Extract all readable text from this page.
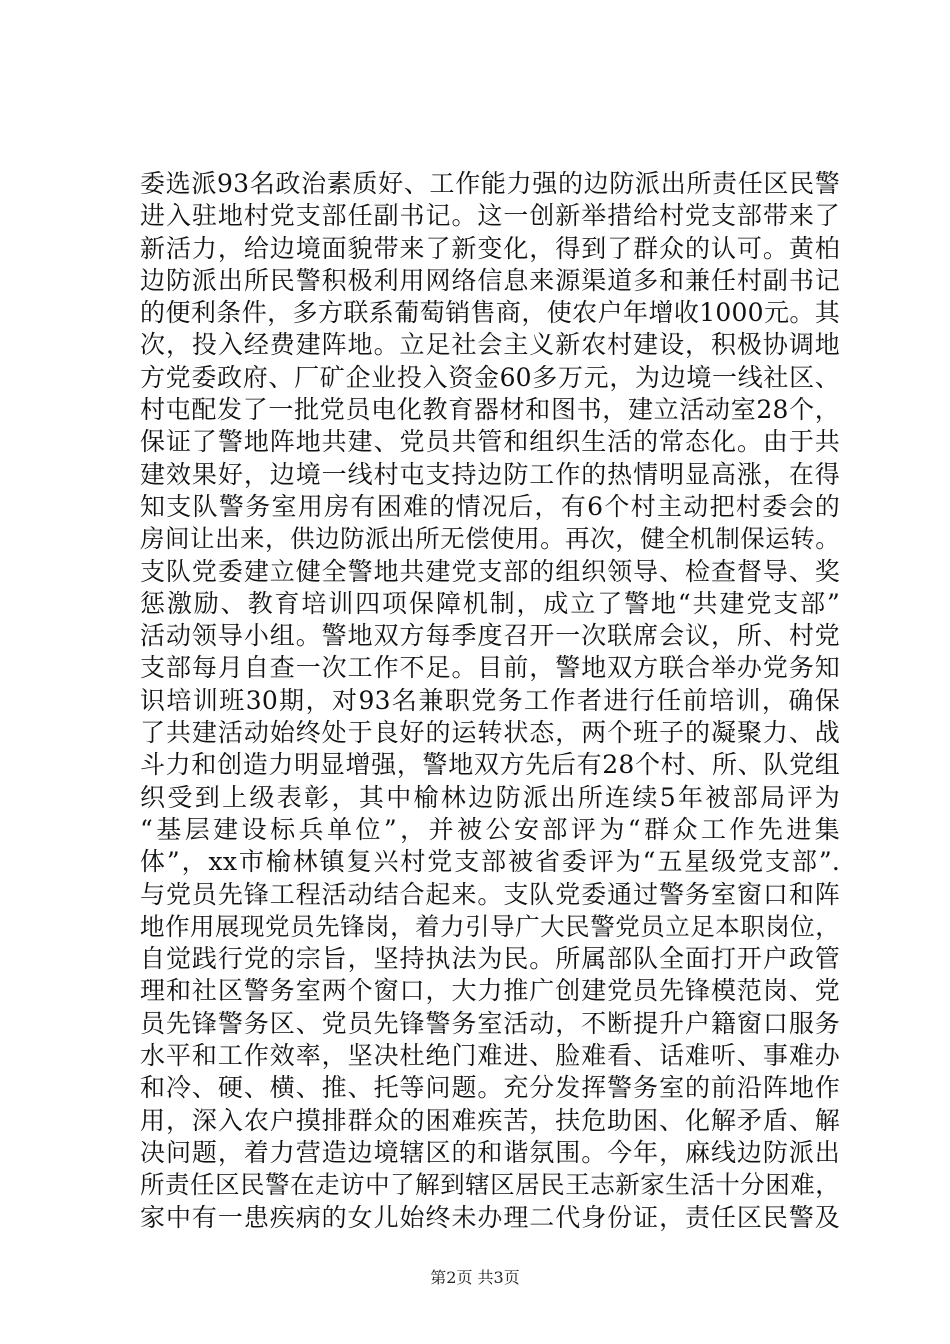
委选派93名政治素质好、工作能力强的边防派出所责任区民警
进入驻地村党支部任副书记。这一创新举措给村党支部带来了
新活力，给边境面貌带来了新变化，得到了群众的认可。黄柏
边防派出所民警积极利用网络信息来源渠道多和兼任村副书记
的便利条件，多方联系葡萄销售商，使农户年增收1000元。其
次，投入经费建阵地。立足社会主义新农村建设，积极协调地
方党委政府、厂矿企业投入资金60多万元，为边境一线社区、
村屯配发了一批党员电化教育器材和图书，建立活动室28个，
保证了警地阵地共建、党员共管和组织生活的常态化。由于共
建效果好，边境一线村屯支持边防工作的热情明显高涨，在得
知支队警务室用房有困难的情况后，有6个村主动把村委会的
房间让出来，供边防派出所无偿使用。再次，健全机制保运转。
支队党委建立健全警地共建党支部的组织领导、检查督导、奖
惩激励、教育培训四项保障机制，成立了警地“共建党支部”
活动领导小组。警地双方每季度召开一次联席会议，所、村党
支部每月自查一次工作不足。目前，警地双方联合举办党务知
识培训班30期，对93名兼职党务工作者进行任前培训，确保
了共建活动始终处于良好的运转状态，两个班子的凝聚力、战
斗力和创造力明显增强，警地双方先后有28个村、所、队党组
织受到上级表彰，其中榆林边防派出所连续5年被部局评为
“基层建设标兵单位”，并被公安部评为“群众工作先进集
体”，xx市榆林镇复兴村党支部被省委评为“五星级党支部”.
与党员先锋工程活动结合起来。支队党委通过警务室窗口和阵
地作用展现党员先锋岗，着力引导广大民警党员立足本职岗位，
自觉践行党的宗旨，坚持执法为民。所属部队全面打开户政管
理和社区警务室两个窗口，大力推广创建党员先锋模范岗、党
员先锋警务区、党员先锋警务室活动，不断提升户籍窗口服务
水平和工作效率，坚决杜绝门难进、脸难看、话难听、事难办
和冷、硬、横、推、托等问题。充分发挥警务室的前沿阵地作
用，深入农户摸排群众的困难疾苦，扶危助困、化解矛盾、解
决问题，着力营造边境辖区的和谐氛围。今年，麻线边防派出
所责任区民警在走访中了解到辖区居民王志新家生活十分困难，
家中有一患疾病的女儿始终未办理二代身份证，责任区民警及
第2页 共3页
